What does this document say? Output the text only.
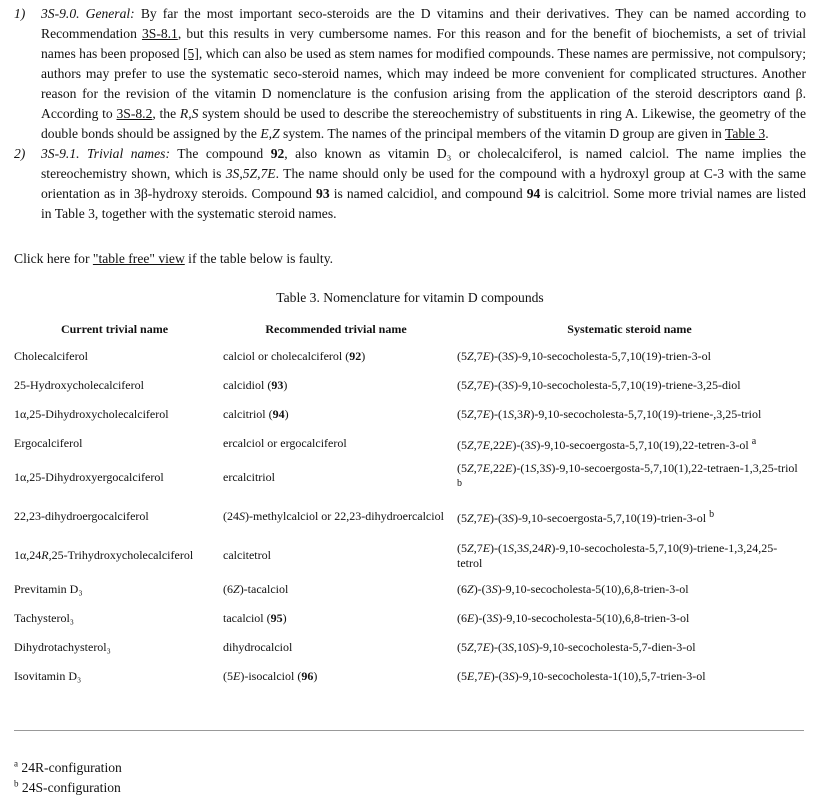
1) 3S-9.0. General: By far the most important seco-steroids are the D vitamins and their derivatives. They can be named according to Recommendation 3S-8.1, but this results in very cumbersome names. For this reason and for the benefit of biochemists, a set of trivial names has been proposed [5], which can also be used as stem names for modified compounds. These names are permissive, not compulsory; authors may prefer to use the systematic seco-steroid names, which may indeed be more convenient for complicated structures. Another reason for the revision of the vitamin D nomenclature is the confusion arising from the application of the steroid descriptors αand β. According to 3S-8.2, the R,S system should be used to describe the stereochemistry of substituents in ring A. Likewise, the geometry of the double bonds should be assigned by the E,Z system. The names of the principal members of the vitamin D group are given in Table 3.
2) 3S-9.1. Trivial names: The compound 92, also known as vitamin D₃ or cholecalciferol, is named calciol. The name implies the stereochemistry shown, which is 3S,5Z,7E. The name should only be used for the compound with a hydroxyl group at C-3 with the same orientation as in 3β-hydroxy steroids. Compound 93 is named calcidiol, and compound 94 is calcitriol. Some more trivial names are listed in Table 3, together with the systematic steroid names.
Click here for "table free" view if the table below is faulty.
Table 3. Nomenclature for vitamin D compounds
Current trivial name	Recommended trivial name	Systematic steroid name
Cholecalciferol	calciol or cholecalciferol (92)	(5Z,7E)-(3S)-9,10-secocholesta-5,7,10(19)-trien-3-ol
25-Hydroxycholecalciferol	calcidiol (93)	(5Z,7E)-(3S)-9,10-secocholesta-5,7,10(19)-triene-3,25-diol
1α,25-Dihydroxycholecalciferol	calcitriol (94)	(5Z,7E)-(1S,3R)-9,10-secocholesta-5,7,10(19)-triene-,3,25-triol
Ergocalciferol	ercalciol or ergocalciferol	(5Z,7E,22E)-(3S)-9,10-secoergosta-5,7,10(19),22-tetren-3-ol $^a$
1α,25-Dihydroxyergocalciferol	ercalcitriol	(5Z,7E,22E)-(1S,3S)-9,10-secoergosta-5,7,10(1),22-tetraen-1,3,25-triol $^b$
22,23-dihydroergocalciferol	(24S)-methylcalciol or 22,23-dihydroercalciol	(5Z,7E)-(3S)-9,10-secoergosta-5,7,10(19)-trien-3-ol $^b$
1α,24R,25-Trihydroxycholecalciferol	calcitetrol	(5Z,7E)-(1S,3S,24R)-9,10-secocholesta-5,7,10(9)-triene-1,3,24,25-tetrol
Previtamin D₃	(6Z)-tacalciol	(6Z)-(3S)-9,10-secocholesta-5(10),6,8-trien-3-ol
Tachysterol₃	tacalciol (95)	(6E)-(3S)-9,10-secocholesta-5(10),6,8-trien-3-ol
Dihydrotachysterol₃	dihydrocalciol	(5Z,7E)-(3S,10S)-9,10-secocholesta-5,7-dien-3-ol
Isovitamin D₃	(5E)-isocalciol (96)	(5E,7E)-(3S)-9,10-secocholesta-1(10),5,7-trien-3-ol
$^a$ 24R-configuration
$^b$ 24S-configuration
